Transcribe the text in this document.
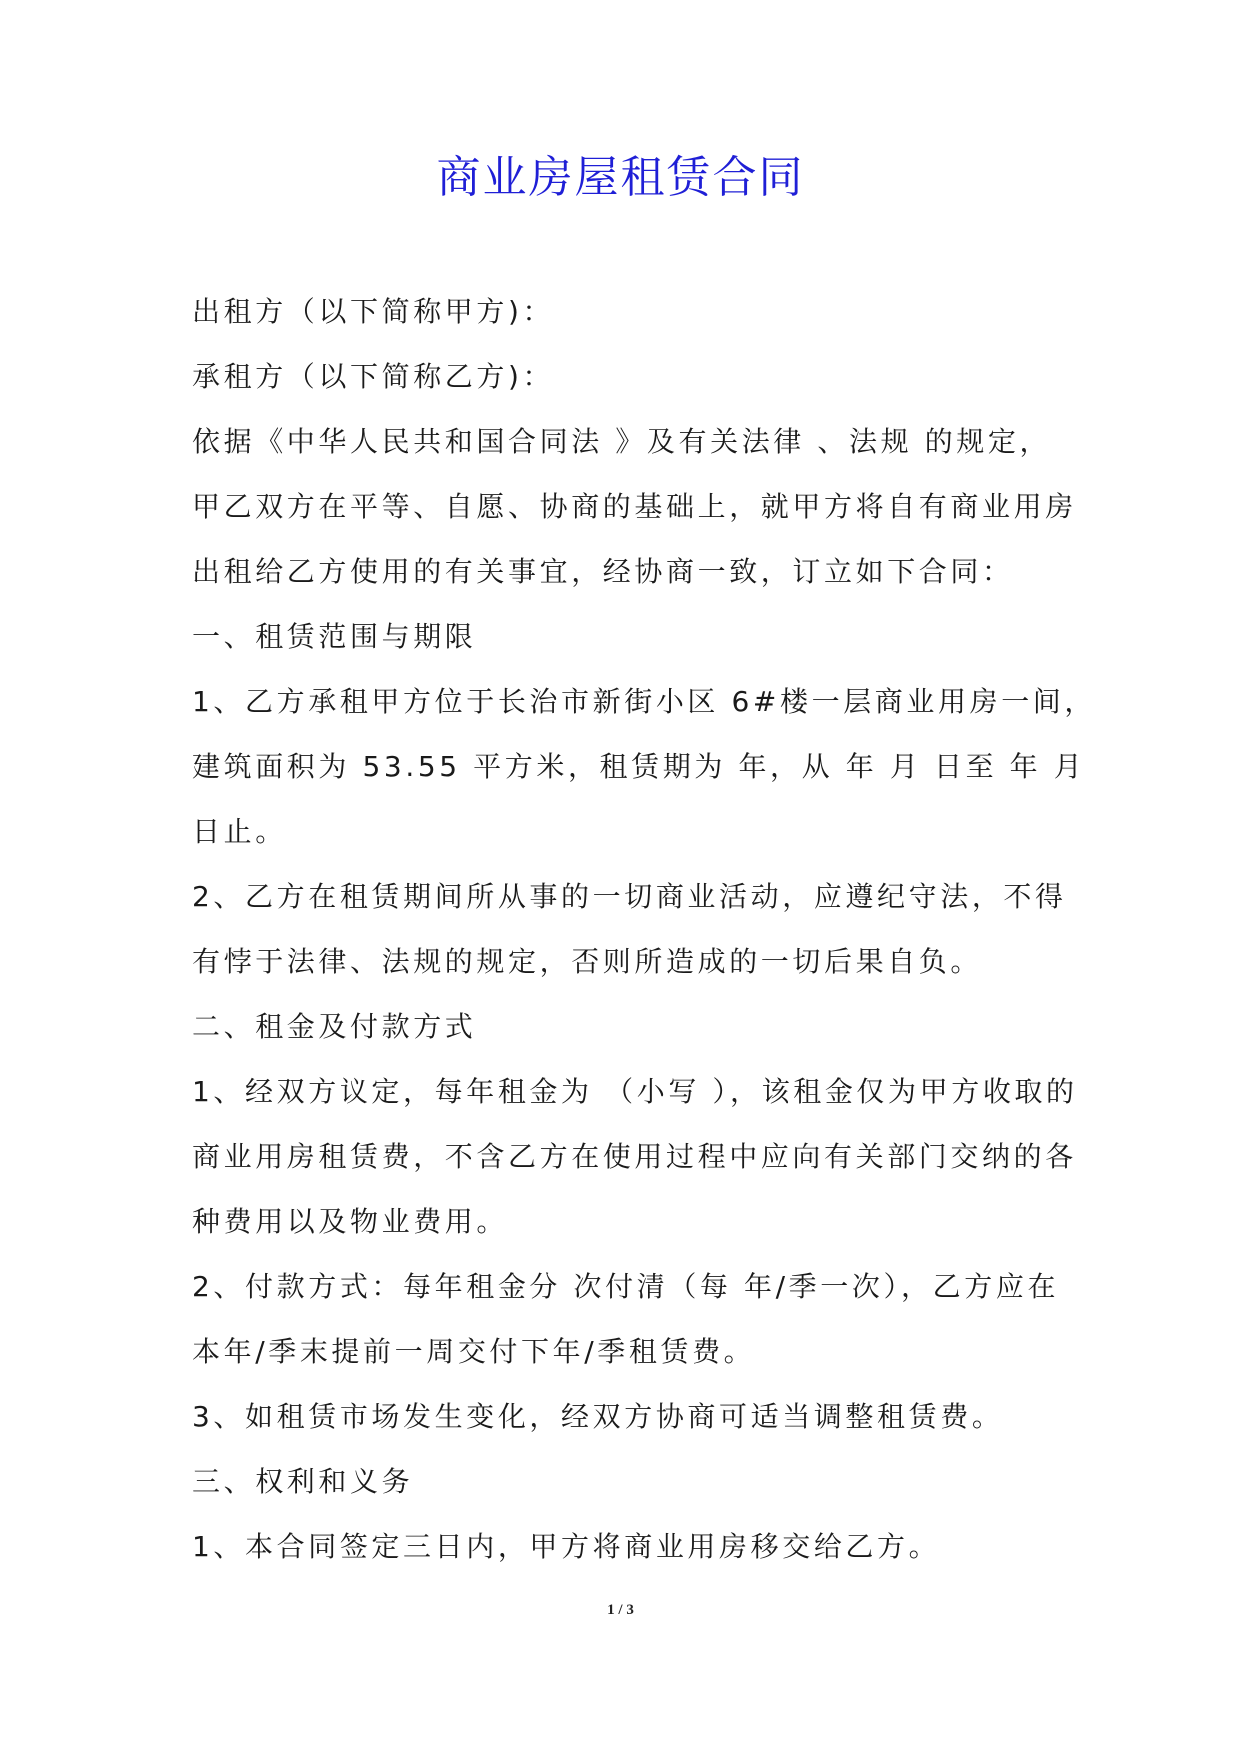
商业房屋租赁合同
出租方（以下简称甲方)：
承租方（以下简称乙方)：
依据《中华人民共和国合同法 》及有关法律 、法规 的规定，
甲乙双方在平等、自愿、协商的基础上，就甲方将自有商业用房
出租给乙方使用的有关事宜，经协商一致，订立如下合同：
一、租赁范围与期限
1、乙方承租甲方位于长治市新街小区 6#楼一层商业用房一间，
建筑面积为 53.55 平方米，租赁期为 年，从 年 月 日至 年 月
日止。
2、乙方在租赁期间所从事的一切商业活动，应遵纪守法，不得
有悖于法律、法规的规定，否则所造成的一切后果自负。
二、租金及付款方式
1、经双方议定，每年租金为 （小写 ），该租金仅为甲方收取的
商业用房租赁费，不含乙方在使用过程中应向有关部门交纳的各
种费用以及物业费用。
2、付款方式：每年租金分 次付清（每 年/季一次），乙方应在
本年/季末提前一周交付下年/季租赁费。
3、如租赁市场发生变化，经双方协商可适当调整租赁费。
三、权利和义务
1、本合同签定三日内，甲方将商业用房移交给乙方。
1 / 3
